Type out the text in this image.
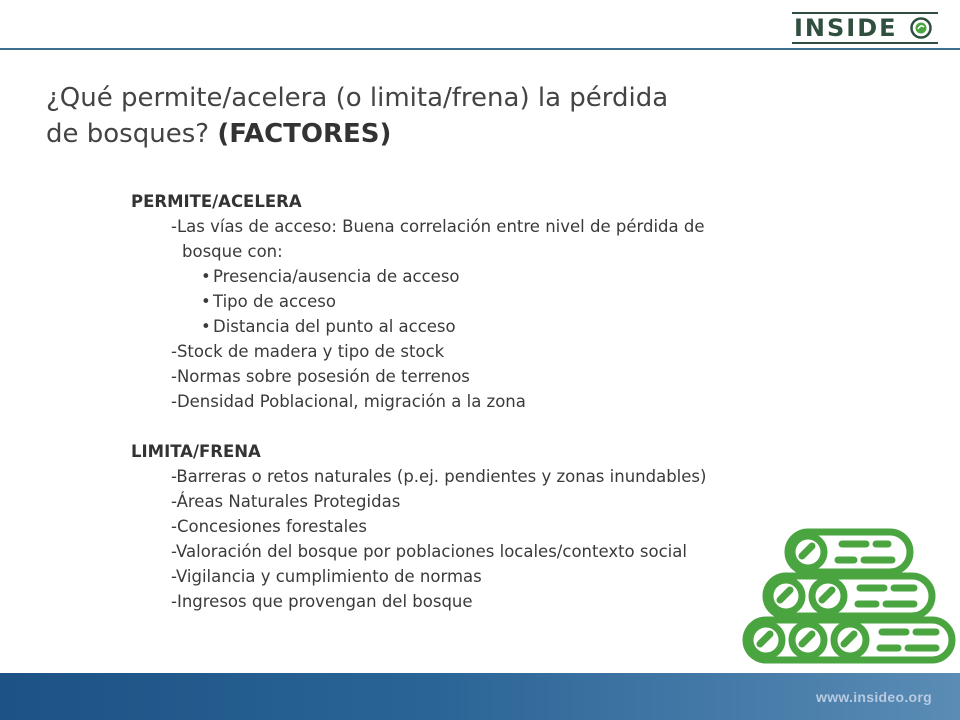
INSIDE
¿Qué permite/acelera (o limita/frena) la pérdida
de bosques? (FACTORES)
PERMITE/ACELERA
-Las vías de acceso: Buena correlación entre nivel de pérdida de
bosque con:
• Presencia/ausencia de acceso
• Tipo de acceso
• Distancia del punto al acceso
-Stock de madera y tipo de stock
-Normas sobre posesión de terrenos
-Densidad Poblacional, migración a la zona
LIMITA/FRENA
-Barreras o retos naturales (p.ej. pendientes y zonas inundables)
-Áreas Naturales Protegidas
-Concesiones forestales
-Valoración del bosque por poblaciones locales/contexto social
-Vigilancia y cumplimiento de normas
-Ingresos que provengan del bosque
www.insideo.org
